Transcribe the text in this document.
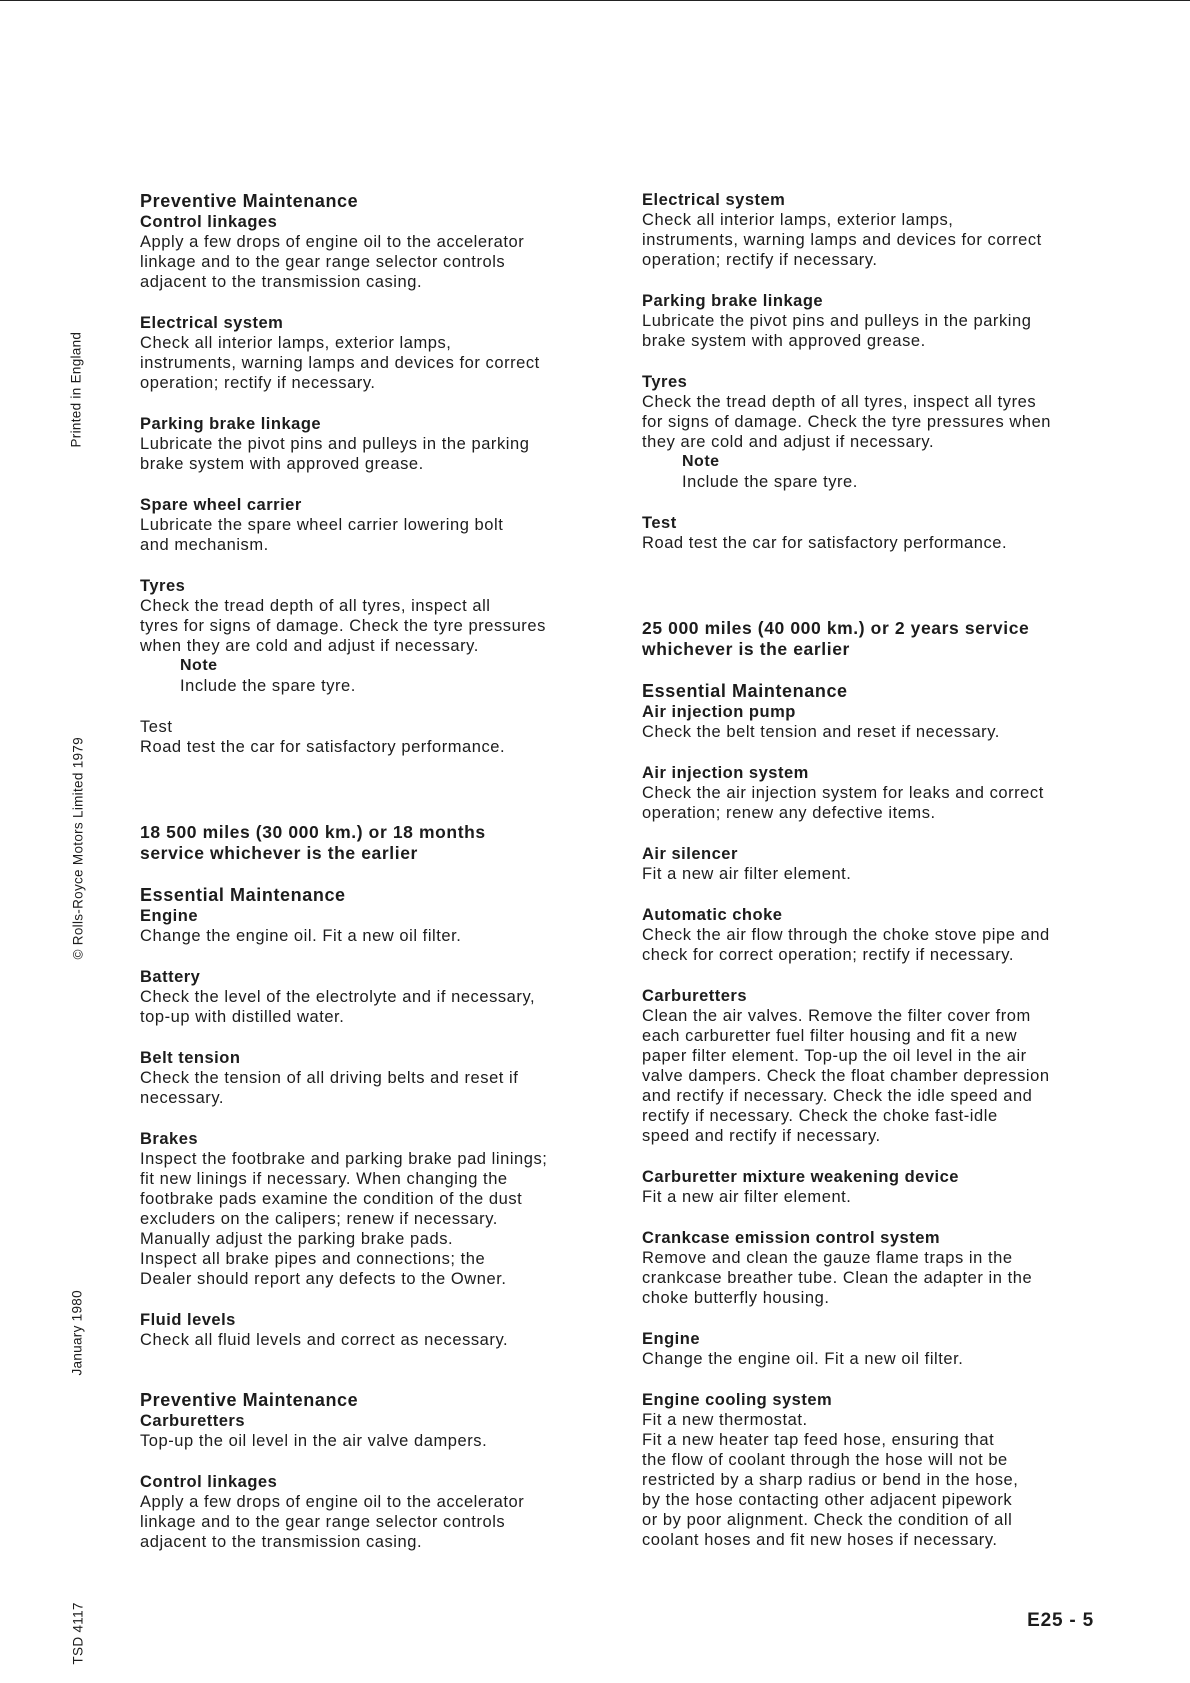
Printed in England
© Rolls-Royce Motors Limited 1979
January 1980
TSD 4117

Preventive Maintenance

Control linkages

Apply a few drops of engine oil to the accelerator
linkage and to the gear range selector controls
adjacent to the transmission casing.

Electrical system

Check all interior lamps, exterior lamps,
instruments, warning lamps and devices for correct
operation; rectify if necessary.

Parking brake linkage

Lubricate the pivot pins and pulleys in the parking
brake system with approved grease.

Spare wheel carrier

Lubricate the spare wheel carrier lowering bolt
and mechanism.

Tyres

Check the tread depth of all tyres, inspect all
tyres for signs of damage. Check the tyre pressures
when they are cold and adjust if necessary.

Note

Include the spare tyre.

Test

Road test the car for satisfactory performance.

18 500 miles (30 000 km.) or 18 months
service whichever is the earlier

Essential Maintenance

Engine

Change the engine oil. Fit a new oil filter.

Battery

Check the level of the electrolyte and if necessary,
top-up with distilled water.

Belt tension

Check the tension of all driving belts and reset if
necessary.

Brakes

Inspect the footbrake and parking brake pad linings;
fit new linings if necessary. When changing the
footbrake pads examine the condition of the dust
excluders on the calipers; renew if necessary.
Manually adjust the parking brake pads.
Inspect all brake pipes and connections; the
Dealer should report any defects to the Owner.

Fluid levels

Check all fluid levels and correct as necessary.

Preventive Maintenance

Carburetters

Top-up the oil level in the air valve dampers.

Control linkages

Apply a few drops of engine oil to the accelerator
linkage and to the gear range selector controls
adjacent to the transmission casing.

Electrical system

Check all interior lamps, exterior lamps,
instruments, warning lamps and devices for correct
operation; rectify if necessary.

Parking brake linkage

Lubricate the pivot pins and pulleys in the parking
brake system with approved grease.

Tyres

Check the tread depth of all tyres, inspect all tyres
for signs of damage. Check the tyre pressures when
they are cold and adjust if necessary.

Note

Include the spare tyre.

Test

Road test the car for satisfactory performance.

25 000 miles (40 000 km.) or 2 years service
whichever is the earlier

Essential Maintenance

Air injection pump

Check the belt tension and reset if necessary.

Air injection system

Check the air injection system for leaks and correct
operation; renew any defective items.

Air silencer

Fit a new air filter element.

Automatic choke

Check the air flow through the choke stove pipe and
check for correct operation; rectify if necessary.

Carburetters

Clean the air valves. Remove the filter cover from
each carburetter fuel filter housing and fit a new
paper filter element. Top-up the oil level in the air
valve dampers. Check the float chamber depression
and rectify if necessary. Check the idle speed and
rectify if necessary. Check the choke fast-idle
speed and rectify if necessary.

Carburetter mixture weakening device

Fit a new air filter element.

Crankcase emission control system

Remove and clean the gauze flame traps in the
crankcase breather tube. Clean the adapter in the
choke butterfly housing.

Engine

Change the engine oil. Fit a new oil filter.

Engine cooling system

Fit a new thermostat.
Fit a new heater tap feed hose, ensuring that
the flow of coolant through the hose will not be
restricted by a sharp radius or bend in the hose,
by the hose contacting other adjacent pipework
or by poor alignment. Check the condition of all
coolant hoses and fit new hoses if necessary.

E25 - 5
